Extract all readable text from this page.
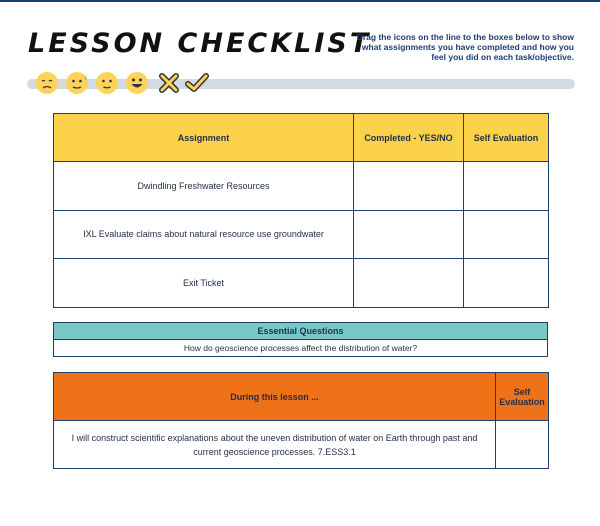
LESSON CHECKLIST
Drag the icons on the line to the boxes below to show what assignments you have completed and how you feel you did on each task/objective.
Assignment	Completed - YES/NO	Self Evaluation
Dwindling Freshwater Resources		
IXL Evaluate claims about natural resource use groundwater		
Exit Ticket		
Essential Questions
How do geoscience processes affect the distribution of water?
During this lesson ...	Self Evaluation
I will construct scientific explanations about the uneven distribution of water on Earth through past and current geoscience processes. 7.ESS3.1	
